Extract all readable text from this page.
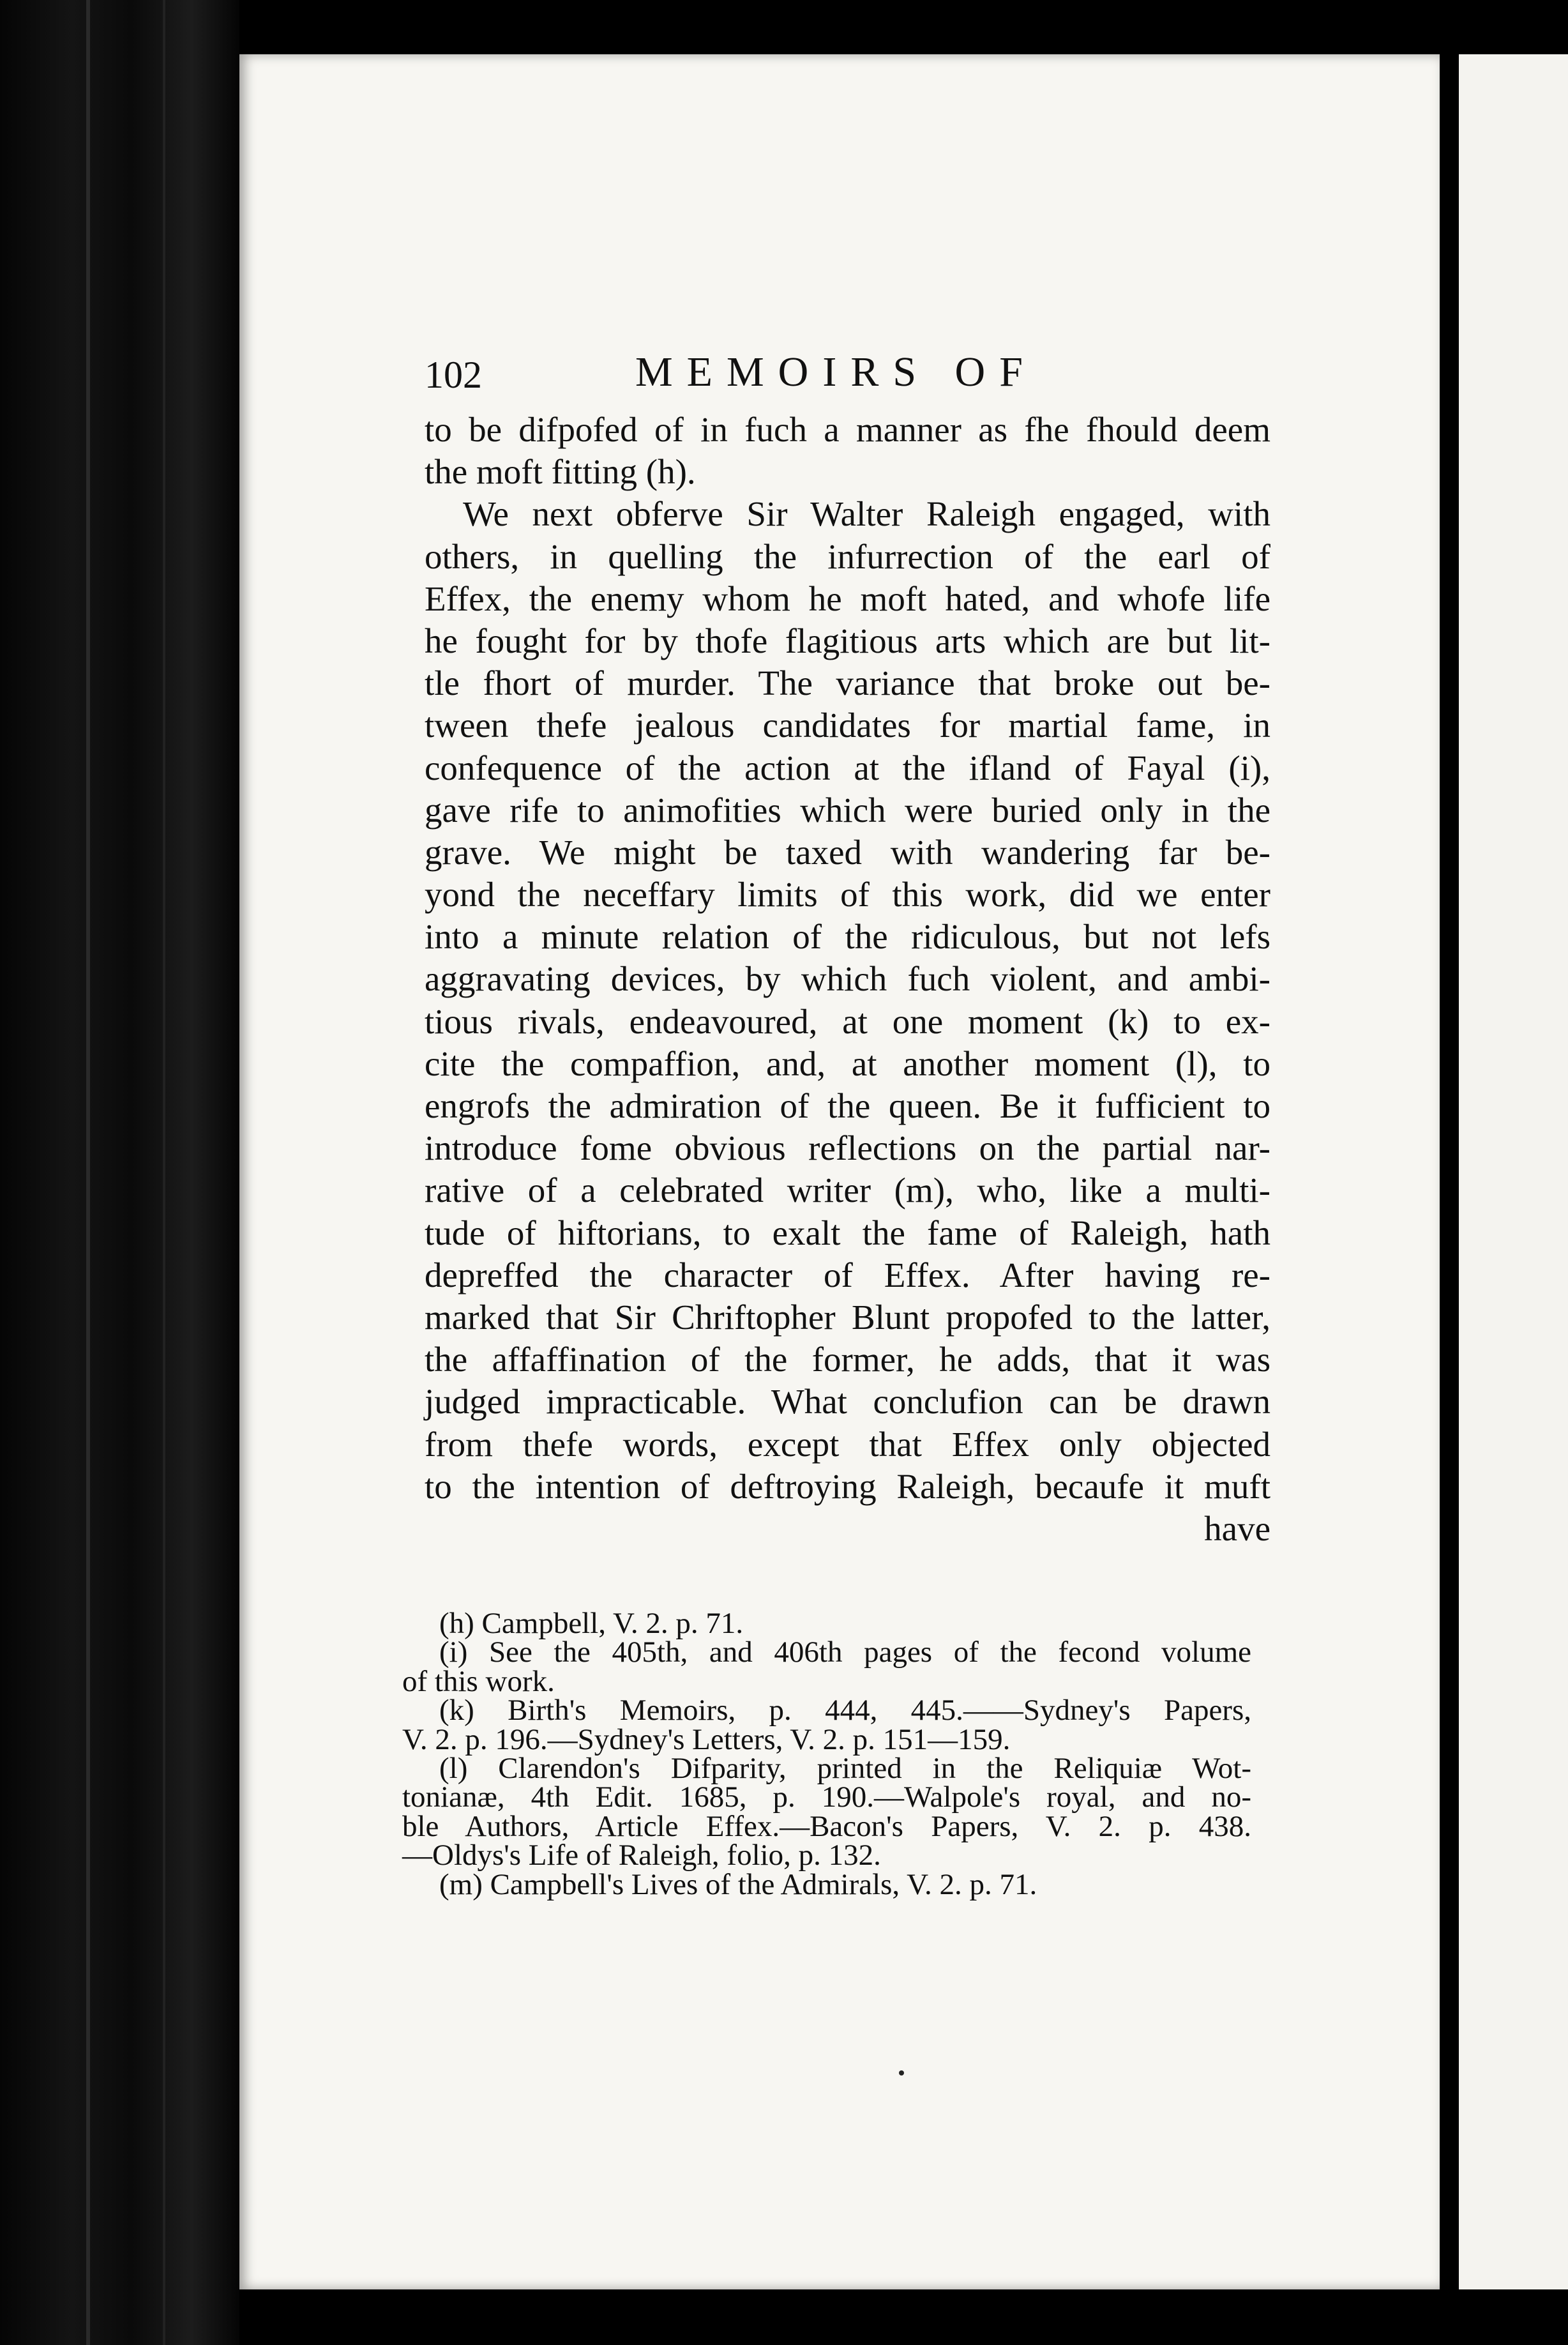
102	MEMOIRS OF
to be difpofed of in fuch a manner as fhe fhould deem
the moft fitting (h).
We next obferve Sir Walter Raleigh engaged, with
others, in quelling the infurrection of the earl of
Effex, the enemy whom he moft hated, and whofe life
he fought for by thofe flagitious arts which are but lit-
tle fhort of murder. The variance that broke out be-
tween thefe jealous candidates for martial fame, in
confequence of the action at the ifland of Fayal (i),
gave rife to animofities which were buried only in the
grave. We might be taxed with wandering far be-
yond the neceffary limits of this work, did we enter
into a minute relation of the ridiculous, but not lefs
aggravating devices, by which fuch violent, and ambi-
tious rivals, endeavoured, at one moment (k) to ex-
cite the compaffion, and, at another moment (l), to
engrofs the admiration of the queen. Be it fufficient to
introduce fome obvious reflections on the partial nar-
rative of a celebrated writer (m), who, like a multi-
tude of hiftorians, to exalt the fame of Raleigh, hath
depreffed the character of Effex. After having re-
marked that Sir Chriftopher Blunt propofed to the latter,
the affaffination of the former, he adds, that it was
judged impracticable. What conclufion can be drawn
from thefe words, except that Effex only objected
to the intention of deftroying Raleigh, becaufe it muft
have
(h) Campbell, V. 2. p. 71.
(i) See the 405th, and 406th pages of the fecond volume
of this work.
(k) Birth's Memoirs, p. 444, 445.——Sydney's Papers,
V. 2. p. 196.—Sydney's Letters, V. 2. p. 151—159.
(l) Clarendon's Difparity, printed in the Reliquiæ Wot-
tonianæ, 4th Edit. 1685, p. 190.—Walpole's royal, and no-
ble Authors, Article Effex.—Bacon's Papers, V. 2. p. 438.
—Oldys's Life of Raleigh, folio, p. 132.
(m) Campbell's Lives of the Admirals, V. 2. p. 71.
